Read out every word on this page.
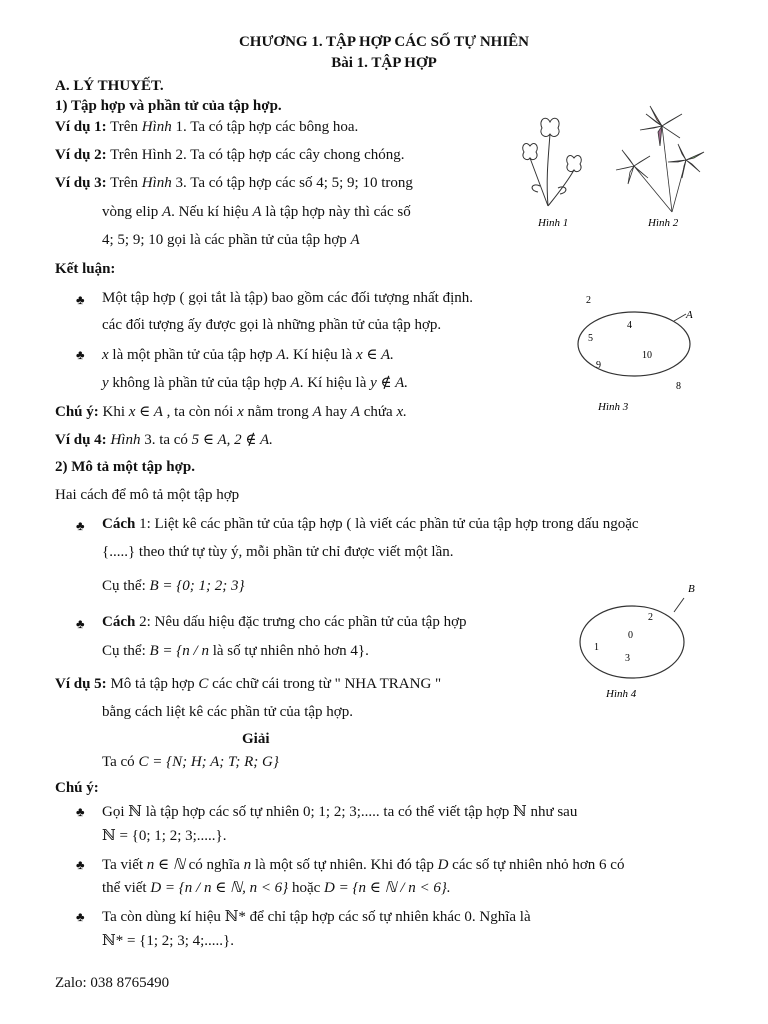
CHƯƠNG 1. TẬP HỢP CÁC SỐ TỰ NHIÊN
Bài 1. TẬP HỢP
A. LÝ THUYẾT.
1) Tập hợp và phần tử của tập hợp.
Ví dụ 1: Trên Hình 1. Ta có tập hợp các bông hoa.
Ví dụ 2: Trên Hình 2. Ta có tập hợp các cây chong chóng.
Ví dụ 3: Trên Hình 3. Ta có tập hợp các số 4; 5; 9; 10 trong
vòng elip A. Nếu kí hiệu A là tập hợp này thì các số
4; 5; 9; 10 gọi là các phần tử của tập hợp A
Kết luận:
♣ Một tập hợp ( gọi tắt là tập) bao gồm các đối tượng nhất định.
các đối tượng ấy được gọi là những phần tử của tập hợp.
♣ x là một phần tử của tập hợp A. Kí hiệu là x ∈ A.
y không là phần tử của tập hợp A. Kí hiệu là y ∉ A.
Chú ý: Khi x ∈ A , ta còn nói x nằm trong A hay A chứa x.
Ví dụ 4: Hình 3. ta có 5 ∈ A, 2 ∉ A.
2) Mô tả một tập hợp.
Hai cách để mô tả một tập hợp
♣ Cách 1: Liệt kê các phần tử của tập hợp ( là viết các phần tử của tập hợp trong dấu ngoặc
{.....} theo thứ tự tùy ý, mỗi phần tử chỉ được viết một lần.
Cụ thể: B = {0; 1; 2; 3}
♣ Cách 2: Nêu dấu hiệu đặc trưng cho các phần tử của tập hợp
Cụ thể: B = {n / n là số tự nhiên nhỏ hơn 4}.
Ví dụ 5: Mô tả tập hợp C các chữ cái trong từ " NHA TRANG "
bằng cách liệt kê các phần tử của tập hợp.
Giải
Ta có C = {N; H; A; T; R; G}
Chú ý:
♣ Gọi ℕ là tập hợp các số tự nhiên 0; 1; 2; 3;..... ta có thể viết tập hợp ℕ như sau
ℕ = {0; 1; 2; 3;.....}.
♣ Ta viết n ∈ ℕ có nghĩa n là một số tự nhiên. Khi đó tập D các số tự nhiên nhỏ hơn 6 có
thể viết D = {n / n ∈ ℕ, n < 6} hoặc D = {n ∈ ℕ / n < 6}.
♣ Ta còn dùng kí hiệu ℕ* để chỉ tập hợp các số tự nhiên khác 0. Nghĩa là
ℕ* = {1; 2; 3; 4;.....}.
Zalo: 038 8765490
Hình 1	Hình 2
A
2
8
4
5
9
10
Hình 3
B
2
0
1
3
Hình 4
